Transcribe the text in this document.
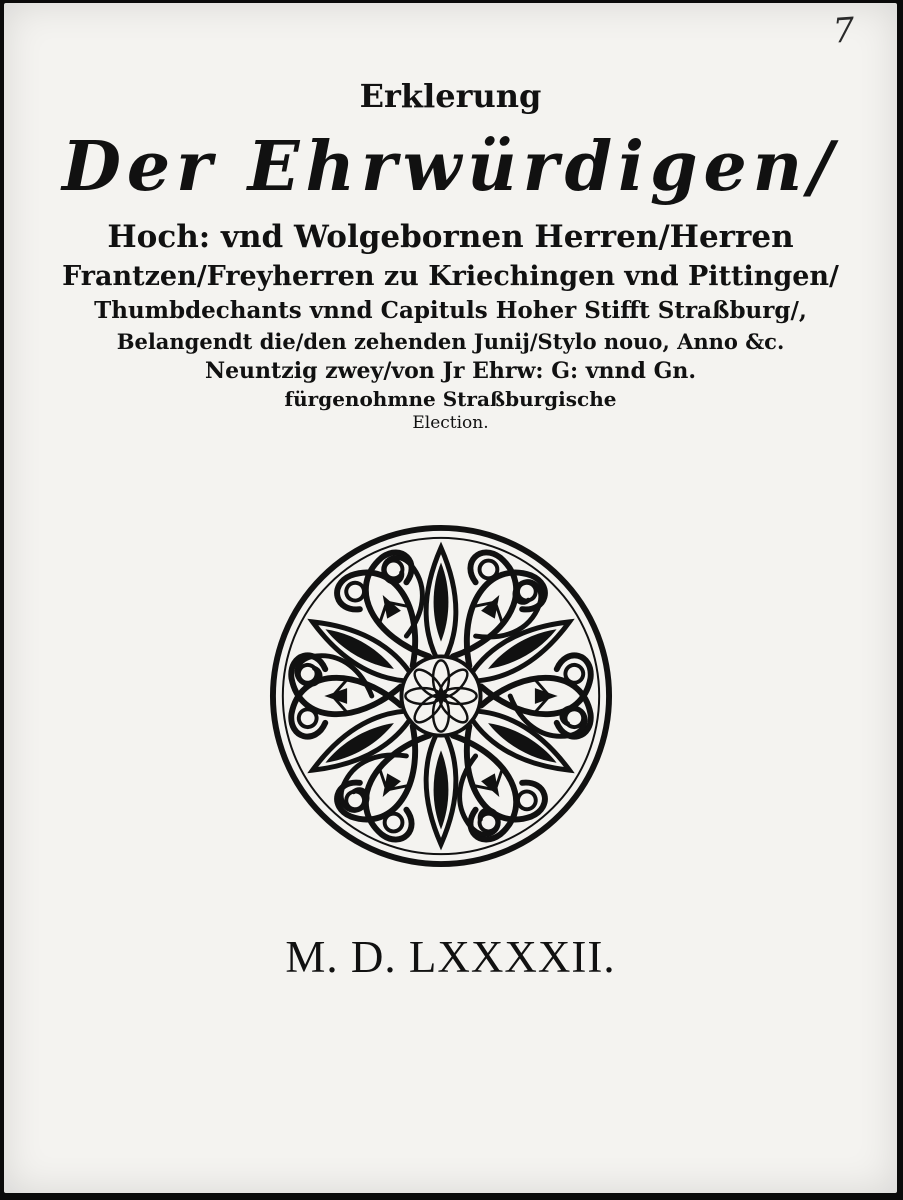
7
Erklerung
Der Ehrwürdigen/
Hoch: vnd Wolgebornen Herren/Herren
Frantzen/Freyherren zu Kriechingen vnd Pittingen/
Thumbdechants vnnd Capituls Hoher Stifft Straßburg/,
Belangendt die/den zehenden Junij/Stylo nouo, Anno &c.
Neuntzig zwey/von Jr Ehrw: G: vnnd Gn.
fürgenohmne Straßburgische
Election.
M. D. LXXXXII.
